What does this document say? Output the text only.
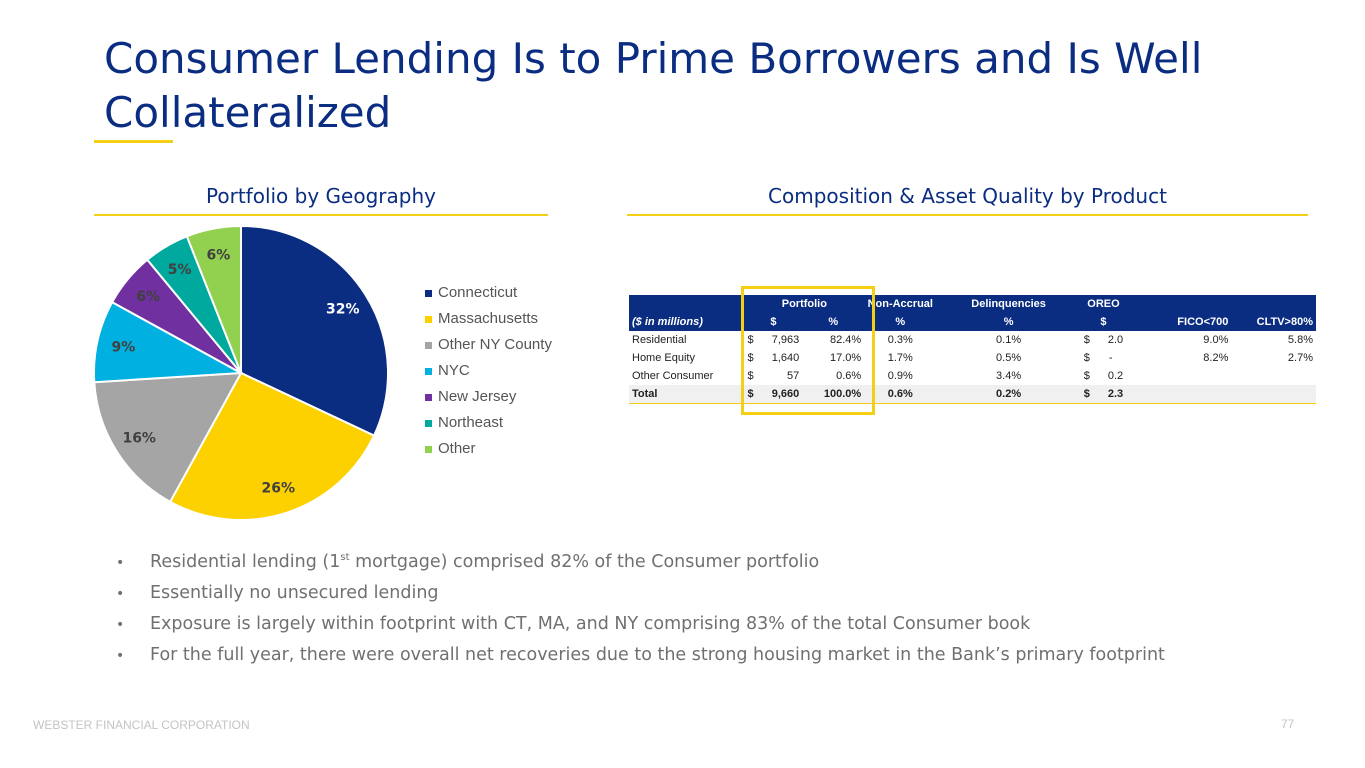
Consumer Lending Is to Prime Borrowers and Is Well Collateralized
Portfolio by Geography	Composition & Asset Quality by Product
32%
26%
16%
9%
6%
5%
6%
Connecticut
Massachusetts
Other NY County
NYC
New Jersey
Northeast
Other
	Portfolio			Non-Accrual	Delinquencies	OREO			
($ in millions)	$		%	%	%	$		FICO<700	CLTV>80%
Residential	$	7,963	82.4%	0.3%	0.1%	$	2.0	9.0%	5.8%
Home Equity	$	1,640	17.0%	1.7%	0.5%	$	-	8.2%	2.7%
Other Consumer	$	57	0.6%	0.9%	3.4%	$	0.2		
Total	$	9,660	100.0%	0.6%	0.2%	$	2.3		
• Residential lending (1st mortgage) comprised 82% of the Consumer portfolio
• Essentially no unsecured lending
• Exposure is largely within footprint with CT, MA, and NY comprising 83% of the total Consumer book
• For the full year, there were overall net recoveries due to the strong housing market in the Bank’s primary footprint
WEBSTER FINANCIAL CORPORATION	77
